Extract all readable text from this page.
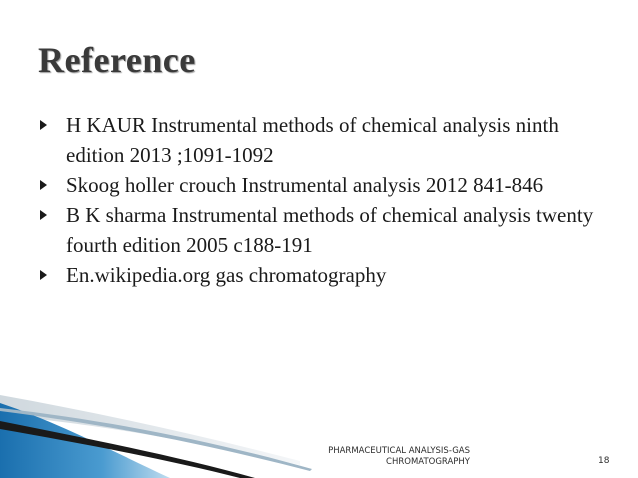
Reference
H KAUR Instrumental methods of chemical analysis ninth edition 2013 ;1091-1092
Skoog holler crouch Instrumental analysis 2012 841-846
B K sharma Instrumental methods of chemical analysis twenty fourth edition 2005 c188-191
En.wikipedia.org gas chromatography
PHARMACEUTICAL ANALYSIS-GAS
CHROMATOGRAPHY	18
